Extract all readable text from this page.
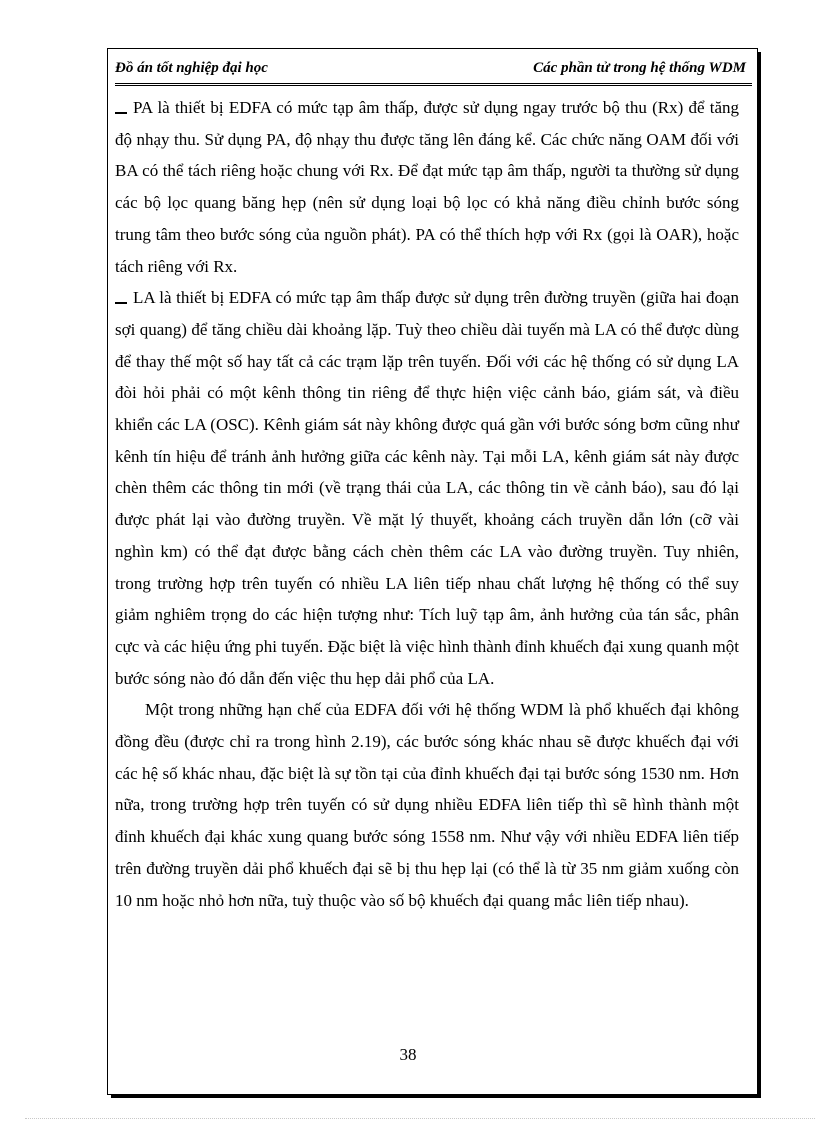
Đồ án tốt nghiệp đại học	Các phần tử trong hệ thống WDM

PA là thiết bị EDFA có mức tạp âm thấp, được sử dụng ngay trước bộ thu (Rx) để tăng độ nhạy thu. Sử dụng PA, độ nhạy thu được tăng lên đáng kể. Các chức năng OAM đối với BA có thể tách riêng hoặc chung với Rx. Để đạt mức tạp âm thấp, người ta thường sử dụng các bộ lọc quang băng hẹp (nên sử dụng loại bộ lọc có khả năng điều chỉnh bước sóng trung tâm theo bước sóng của nguồn phát). PA có thể thích hợp với Rx (gọi là OAR), hoặc tách riêng với Rx.

LA là thiết bị EDFA có mức tạp âm thấp được sử dụng trên đường truyền (giữa hai đoạn sợi quang) để tăng chiều dài khoảng lặp. Tuỳ theo chiều dài tuyến mà LA có thể được dùng để thay thế một số hay tất cả các trạm lặp trên tuyến. Đối với các hệ thống có sử dụng LA đòi hỏi phải có một kênh thông tin riêng để thực hiện việc cảnh báo, giám sát, và điều khiển các LA (OSC). Kênh giám sát này không được quá gần với bước sóng bơm cũng như kênh tín hiệu để tránh ảnh hưởng giữa các kênh này. Tại mỗi LA, kênh giám sát này được chèn thêm các thông tin mới (về trạng thái của LA, các thông tin về cảnh báo), sau đó lại được phát lại vào đường truyền. Về mặt lý thuyết, khoảng cách truyền dẫn lớn (cỡ vài nghìn km) có thể đạt được bằng cách chèn thêm các LA vào đường truyền. Tuy nhiên, trong trường hợp trên tuyến có nhiều LA liên tiếp nhau chất lượng hệ thống có thể suy giảm nghiêm trọng do các hiện tượng như: Tích luỹ tạp âm, ảnh hưởng của tán sắc, phân cực và các hiệu ứng phi tuyến. Đặc biệt là việc hình thành đỉnh khuếch đại xung quanh một bước sóng nào đó dẫn đến việc thu hẹp dải phổ của LA.

Một trong những hạn chế của EDFA đối với hệ thống WDM là phổ khuếch đại không đồng đều (được chỉ ra trong hình 2.19), các bước sóng khác nhau sẽ được khuếch đại với các hệ số khác nhau, đặc biệt là sự tồn tại của đỉnh khuếch đại tại bước sóng 1530 nm. Hơn nữa, trong trường hợp trên tuyến có sử dụng nhiều EDFA liên tiếp thì sẽ hình thành một đỉnh khuếch đại khác xung quang bước sóng 1558 nm. Như vậy với nhiều EDFA liên tiếp trên đường truyền dải phổ khuếch đại sẽ bị thu hẹp lại (có thể là từ 35 nm giảm xuống còn 10 nm hoặc nhỏ hơn nữa, tuỳ thuộc vào số bộ khuếch đại quang mắc liên tiếp nhau).

38
